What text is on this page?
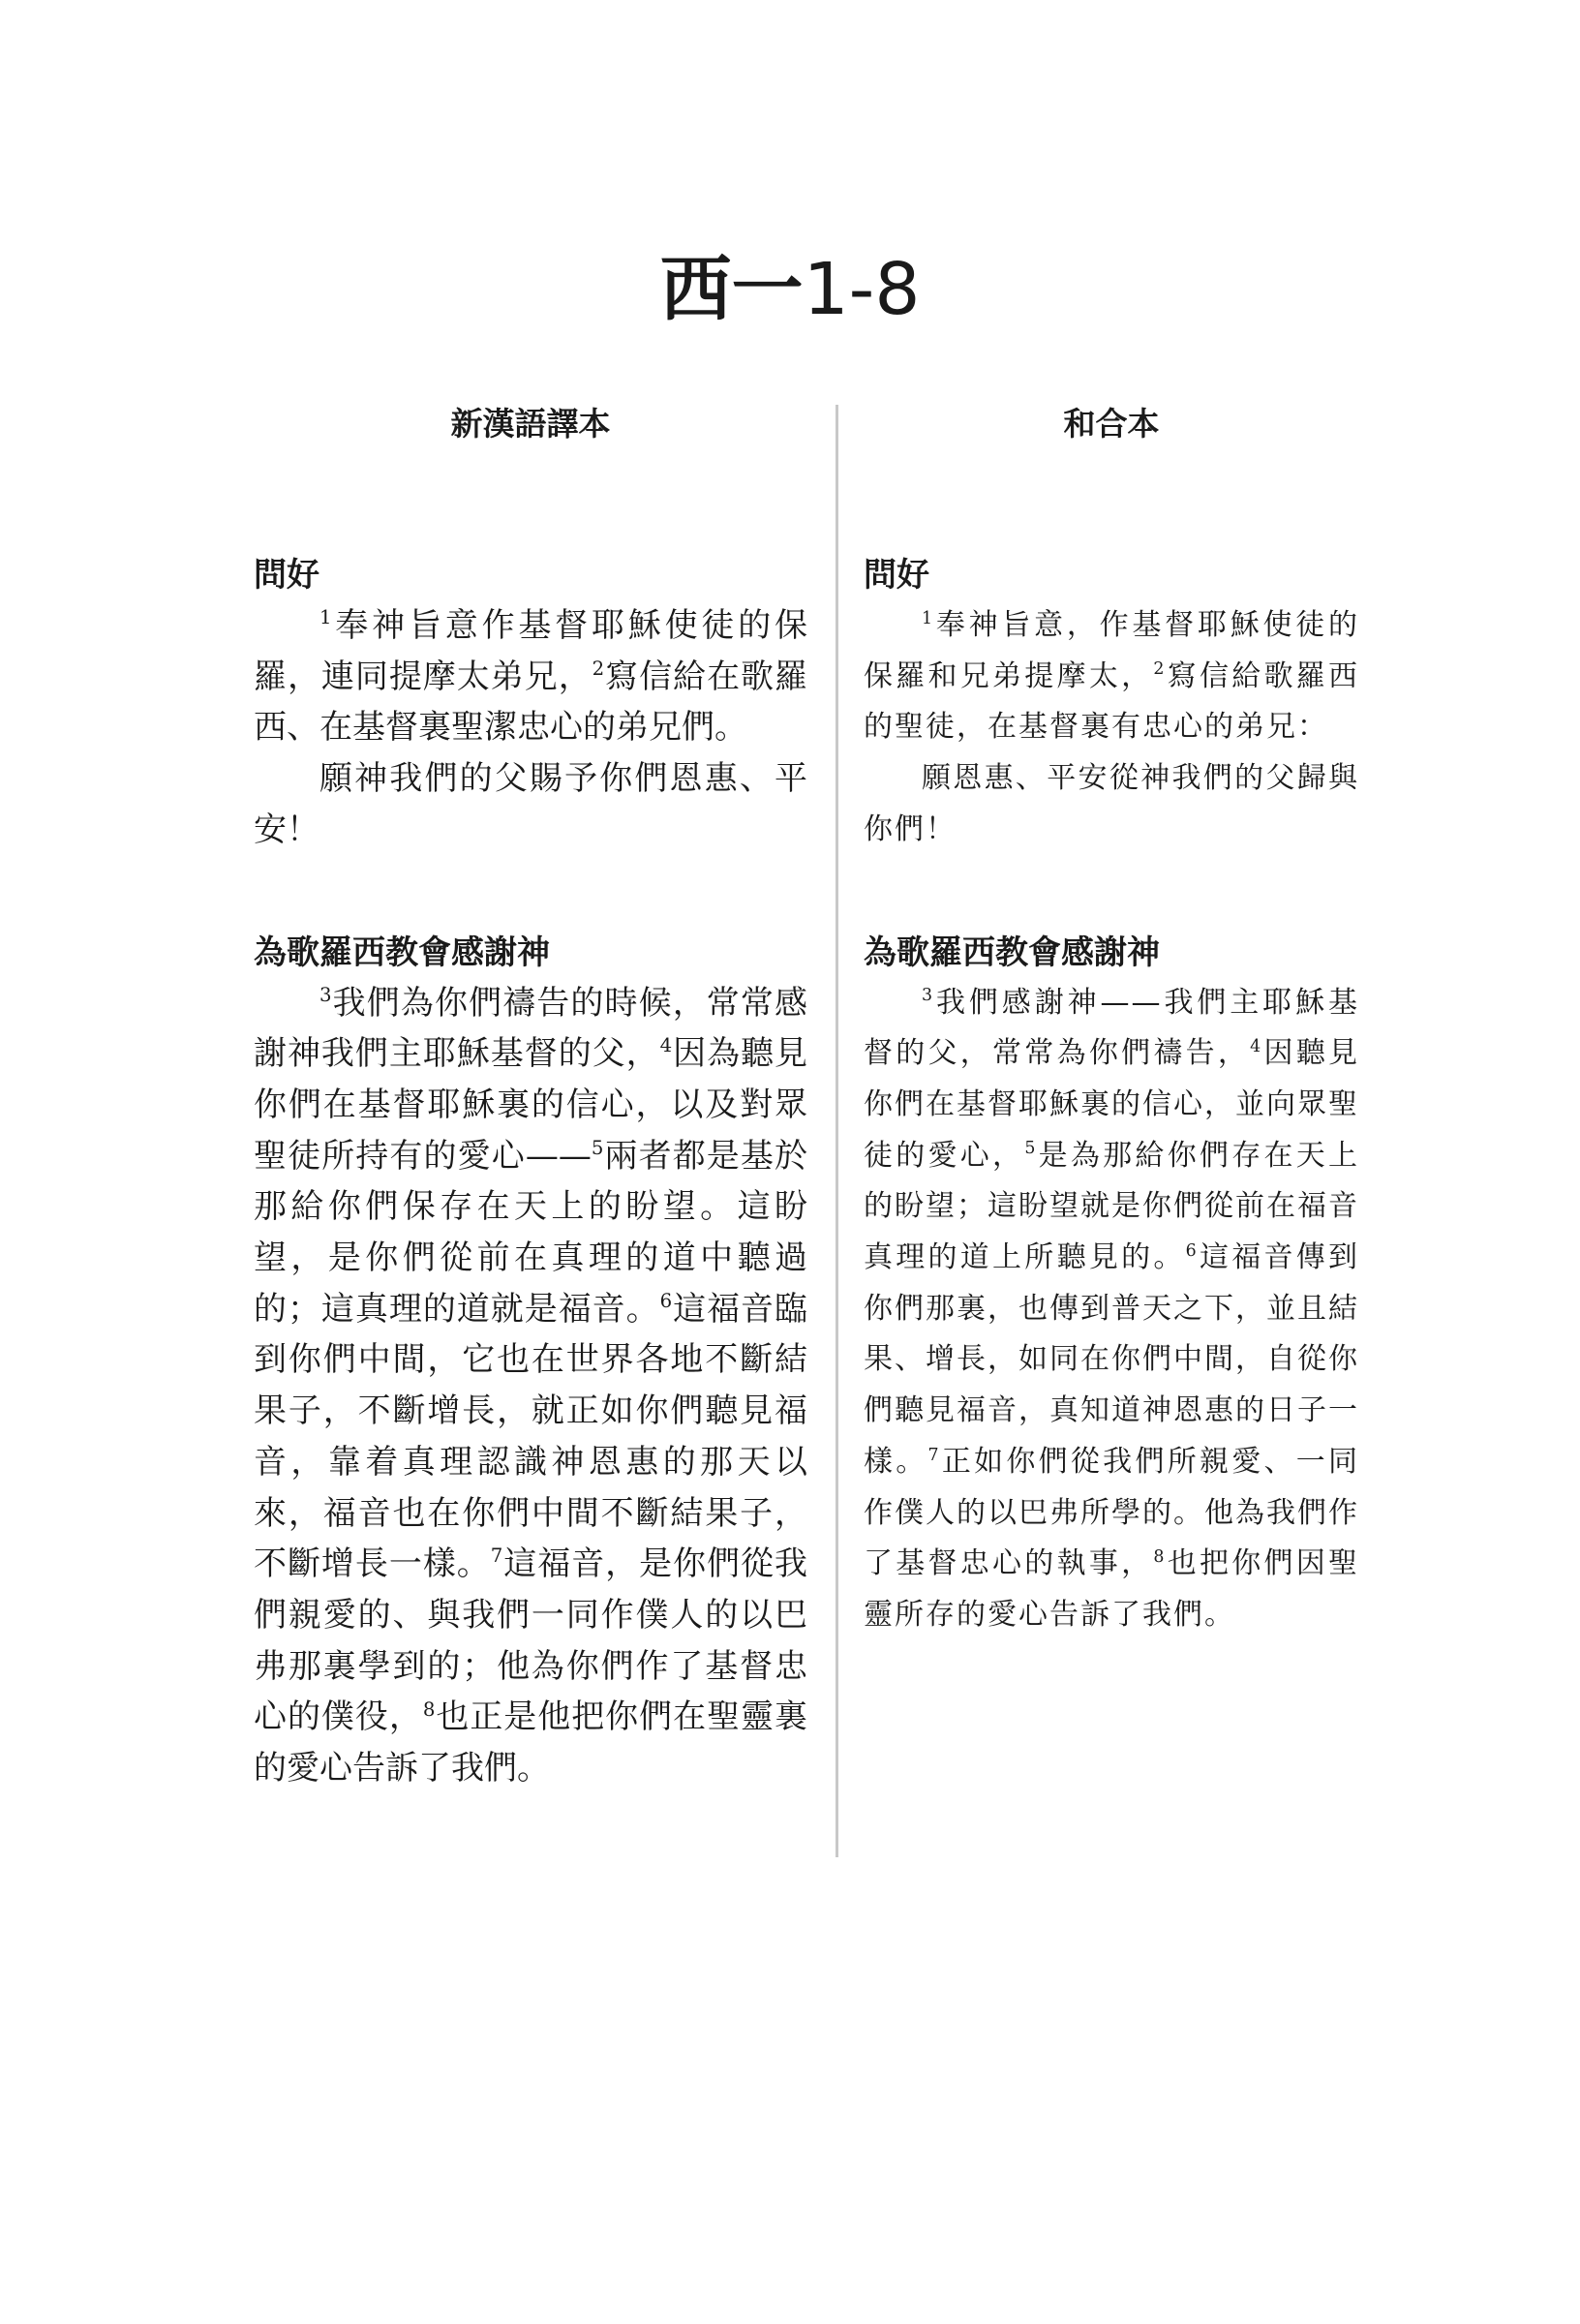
西一1-8
新漢語譯本
問好

$^1$奉神旨意作基督耶穌使徒的保羅，連同提摩太弟兄，$^2$寫信給在歌羅西、在基督裏聖潔忠心的弟兄們。

願神我們的父賜予你們恩惠、平安！

為歌羅西教會感謝神

$^3$我們為你們禱告的時候，常常感謝神我們主耶穌基督的父，$^4$因為聽見你們在基督耶穌裏的信心，以及對眾聖徒所持有的愛心——$^5$兩者都是基於那給你們保存在天上的盼望。這盼望，是你們從前在真理的道中聽過的；這真理的道就是福音。$^6$這福音臨到你們中間，它也在世界各地不斷結果子，不斷增長，就正如你們聽見福音，靠着真理認識神恩惠的那天以來，福音也在你們中間不斷結果子，不斷增長一樣。$^7$這福音，是你們從我們親愛的、與我們一同作僕人的以巴弗那裏學到的；他為你們作了基督忠心的僕役，$^8$也正是他把你們在聖靈裏的愛心告訴了我們。

和合本
問好

$^1$奉神旨意，作基督耶穌使徒的保羅和兄弟提摩太，$^2$寫信給歌羅西的聖徒，在基督裏有忠心的弟兄：

願恩惠、平安從神我們的父歸與你們！

為歌羅西教會感謝神

$^3$我們感謝神——我們主耶穌基督的父，常常為你們禱告，$^4$因聽見你們在基督耶穌裏的信心，並向眾聖徒的愛心，$^5$是為那給你們存在天上的盼望；這盼望就是你們從前在福音真理的道上所聽見的。$^6$這福音傳到你們那裏，也傳到普天之下，並且結果、增長，如同在你們中間，自從你們聽見福音，真知道神恩惠的日子一樣。$^7$正如你們從我們所親愛、一同作僕人的以巴弗所學的。他為我們作了基督忠心的執事，$^8$也把你們因聖靈所存的愛心告訴了我們。
